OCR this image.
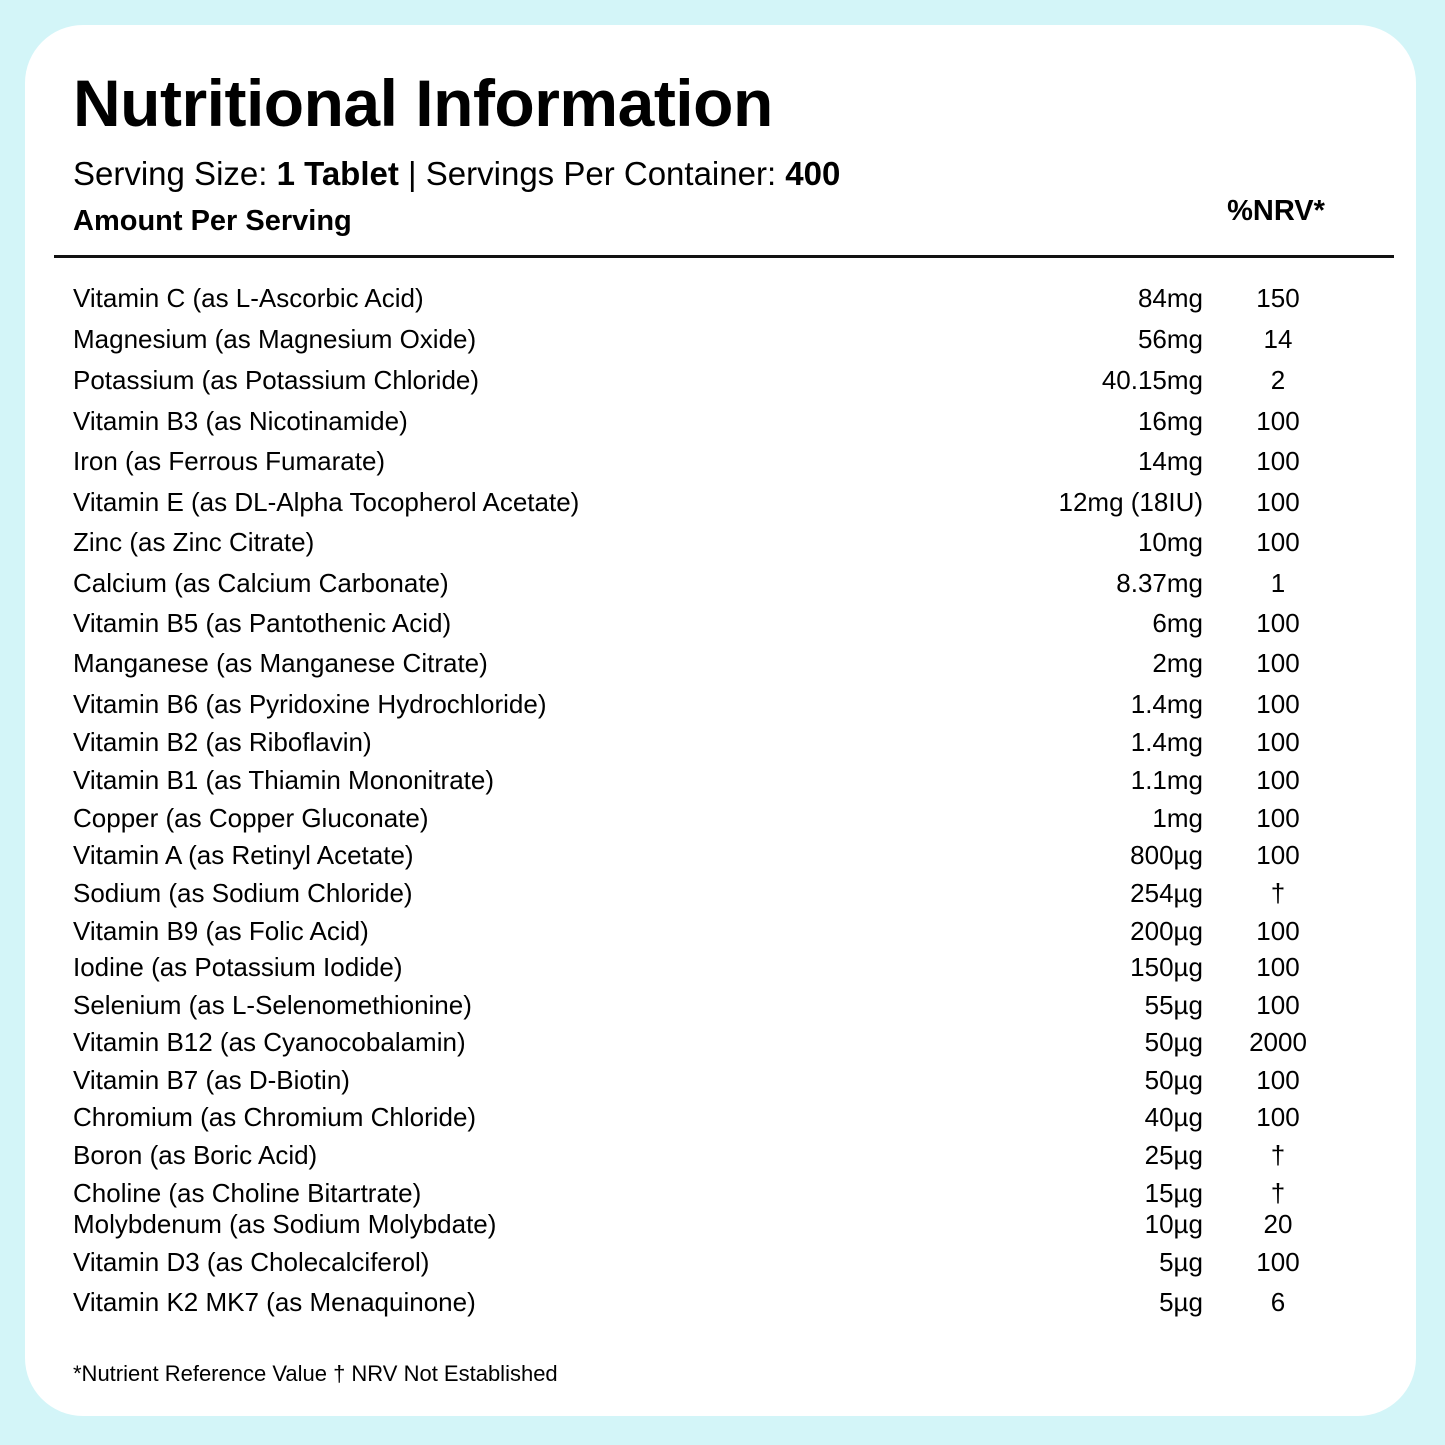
Nutritional Information
Serving Size: 1 Tablet | Servings Per Container: 400
Amount Per Serving	%NRV*
Vitamin C (as L-Ascorbic Acid)	84mg	150
Magnesium (as Magnesium Oxide)	56mg	14
Potassium (as Potassium Chloride)	40.15mg	2
Vitamin B3 (as Nicotinamide)	16mg	100
Iron (as Ferrous Fumarate)	14mg	100
Vitamin E (as DL-Alpha Tocopherol Acetate)	12mg (18IU)	100
Zinc (as Zinc Citrate)	10mg	100
Calcium (as Calcium Carbonate)	8.37mg	1
Vitamin B5 (as Pantothenic Acid)	6mg	100
Manganese (as Manganese Citrate)	2mg	100
Vitamin B6 (as Pyridoxine Hydrochloride)	1.4mg	100
Vitamin B2 (as Riboflavin)	1.4mg	100
Vitamin B1 (as Thiamin Mononitrate)	1.1mg	100
Copper (as Copper Gluconate)	1mg	100
Vitamin A (as Retinyl Acetate)	800µg	100
Sodium (as Sodium Chloride)	254µg	†
Vitamin B9 (as Folic Acid)	200µg	100
Iodine (as Potassium Iodide)	150µg	100
Selenium (as L-Selenomethionine)	55µg	100
Vitamin B12 (as Cyanocobalamin)	50µg	2000
Vitamin B7 (as D-Biotin)	50µg	100
Chromium (as Chromium Chloride)	40µg	100
Boron (as Boric Acid)	25µg	†
Choline (as Choline Bitartrate)	15µg	†
Molybdenum (as Sodium Molybdate)	10µg	20
Vitamin D3 (as Cholecalciferol)	5µg	100
Vitamin K2 MK7 (as Menaquinone)	5µg	6
*Nutrient Reference Value † NRV Not Established
